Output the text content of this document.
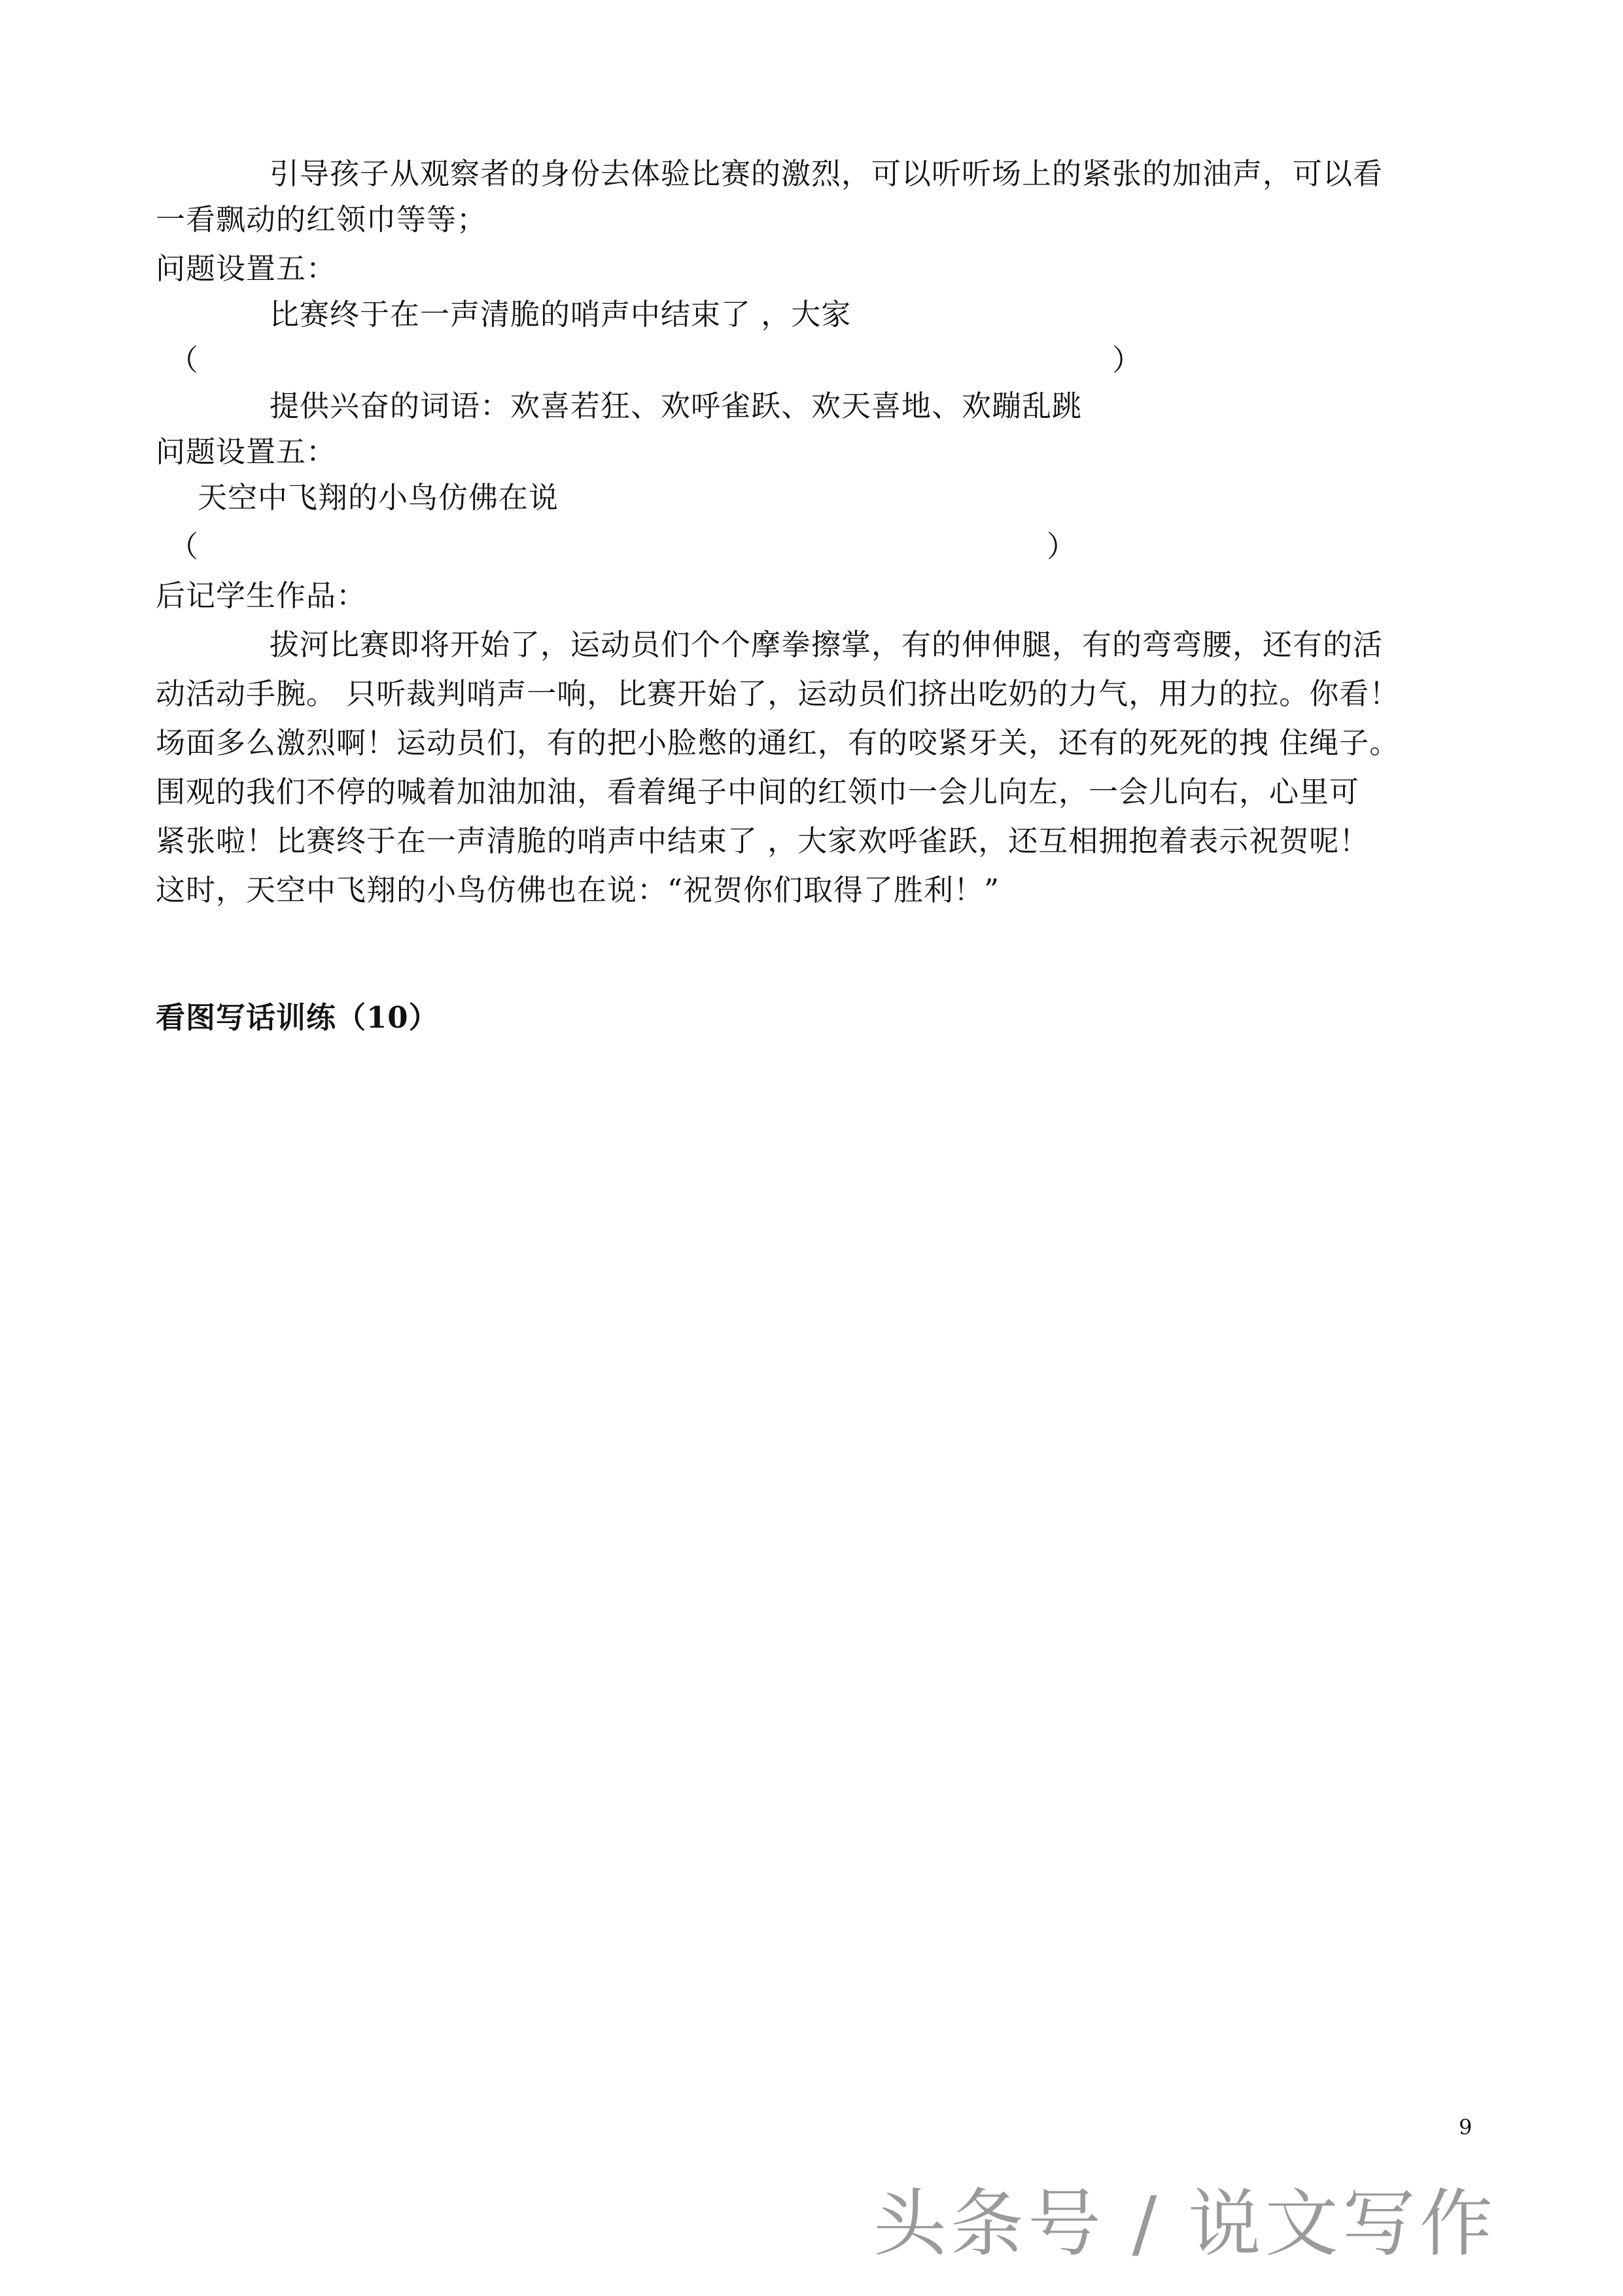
引导孩子从观察者的身份去体验比赛的激烈，可以听听场上的紧张的加油声，可以看
一看飘动的红领巾等等；
问题设置五：
比赛终于在一声清脆的哨声中结束了 ，大家
（	）
提供兴奋的词语：欢喜若狂、欢呼雀跃、欢天喜地、欢蹦乱跳
问题设置五：
天空中飞翔的小鸟仿佛在说
（	）
后记学生作品：
拔河比赛即将开始了，运动员们个个摩拳擦掌，有的伸伸腿，有的弯弯腰，还有的活
动活动手腕。 只听裁判哨声一响，比赛开始了，运动员们挤出吃奶的力气，用力的拉。你看！
场面多么激烈啊！运动员们，有的把小脸憋的通红，有的咬紧牙关，还有的死死的拽 住绳子。
围观的我们不停的喊着加油加油，看着绳子中间的红领巾一会儿向左，一会儿向右，心里可
紧张啦！比赛终于在一声清脆的哨声中结束了 ，大家欢呼雀跃，还互相拥抱着表示祝贺呢！
这时，天空中飞翔的小鸟仿佛也在说：“祝贺你们取得了胜利！”
看图写话训练（10）
9
头条号 / 说文写作
